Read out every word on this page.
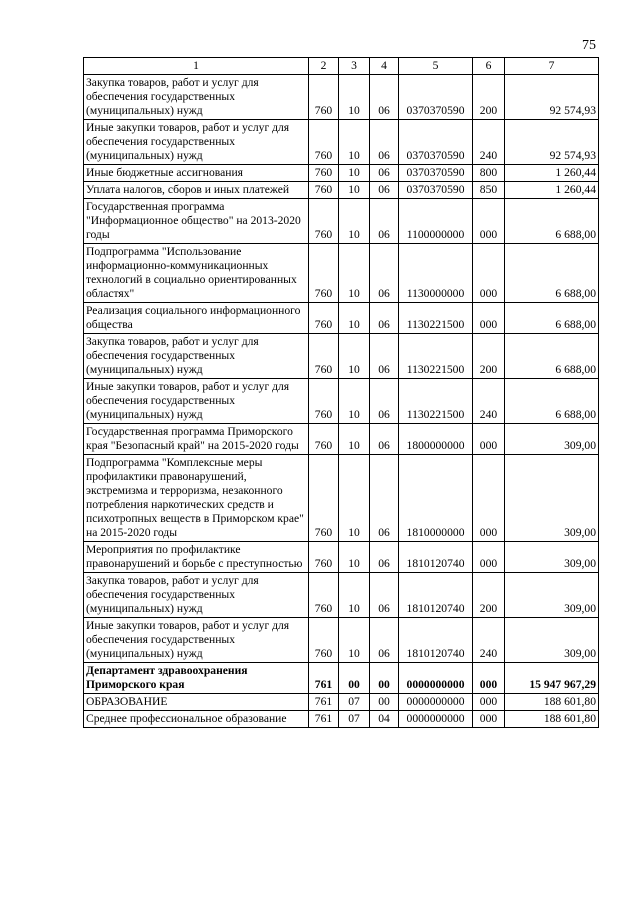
75
1	2	3	4	5	6	7
Закупка товаров, работ и услуг для обеспечения государственных (муниципальных) нужд	760	10	06	0370370590	200	92 574,93
Иные закупки товаров, работ и услуг для обеспечения государственных (муниципальных) нужд	760	10	06	0370370590	240	92 574,93
Иные бюджетные ассигнования	760	10	06	0370370590	800	1 260,44
Уплата налогов, сборов и иных платежей	760	10	06	0370370590	850	1 260,44
Государственная программа "Информационное общество" на 2013-2020 годы	760	10	06	1100000000	000	6 688,00
Подпрограмма "Использование информационно-коммуникационных технологий в социально ориентированных областях"	760	10	06	1130000000	000	6 688,00
Реализация социального информационного общества	760	10	06	1130221500	000	6 688,00
Закупка товаров, работ и услуг для обеспечения государственных (муниципальных) нужд	760	10	06	1130221500	200	6 688,00
Иные закупки товаров, работ и услуг для обеспечения государственных (муниципальных) нужд	760	10	06	1130221500	240	6 688,00
Государственная программа Приморского края "Безопасный край" на 2015-2020 годы	760	10	06	1800000000	000	309,00
Подпрограмма "Комплексные меры профилактики правонарушений, экстремизма и терроризма, незаконного потребления наркотических средств и психотропных веществ в Приморском крае" на 2015-2020 годы	760	10	06	1810000000	000	309,00
Мероприятия по профилактике правонарушений и борьбе с преступностью	760	10	06	1810120740	000	309,00
Закупка товаров, работ и услуг для обеспечения государственных (муниципальных) нужд	760	10	06	1810120740	200	309,00
Иные закупки товаров, работ и услуг для обеспечения государственных (муниципальных) нужд	760	10	06	1810120740	240	309,00
Департамент здравоохранения Приморского края	761	00	00	0000000000	000	15 947 967,29
ОБРАЗОВАНИЕ	761	07	00	0000000000	000	188 601,80
Среднее профессиональное образование	761	07	04	0000000000	000	188 601,80
